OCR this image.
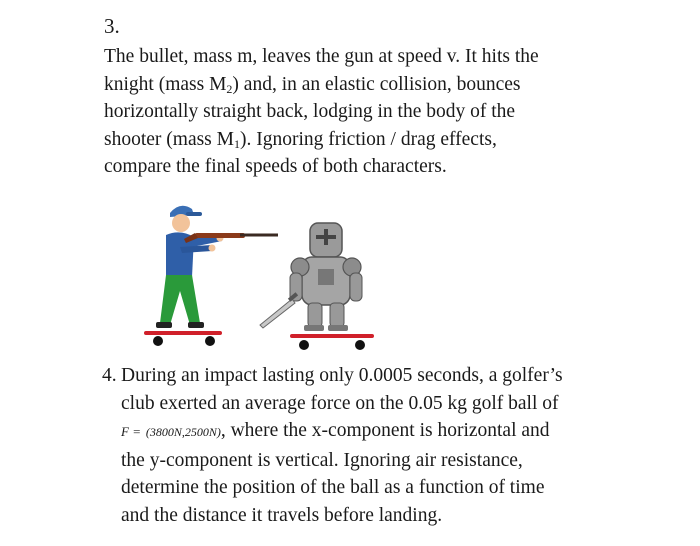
3.

The bullet, mass m, leaves the gun at speed v. It hits the
knight (mass $M_2$) and, in an elastic collision, bounces
horizontally straight back, lodging in the body of the
shooter (mass $M_1$). Ignoring friction / drag effects,
compare the final speeds of both characters.

4. During an impact lasting only 0.0005 seconds, a golfer’s
club exerted an average force on the 0.05 kg golf ball of
F = (3800N,2500N), where the x-component is horizontal and
the y-component is vertical. Ignoring air resistance,
determine the position of the ball as a function of time
and the distance it travels before landing.
